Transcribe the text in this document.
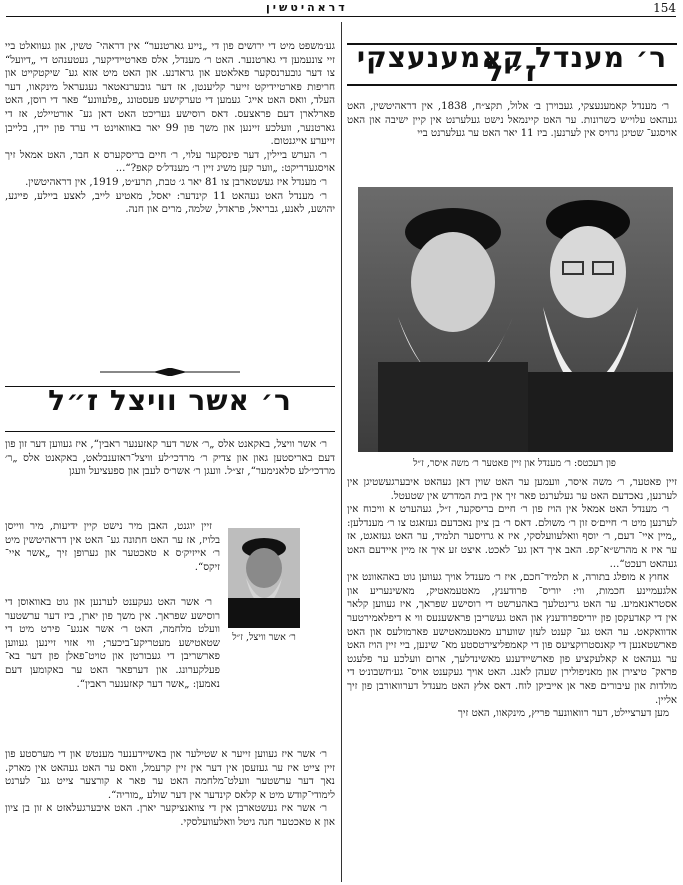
דראהיטשין	154
ר׳ מענדל קאמענעצקי ז״ל

ר׳ מענדל קאמענעצקי, געבוירן ב׳ אלול, תקצ״ח, 1838, אין דראהיטשין, האט געהאט עלוי׳ש כשרונות. ער האט קיינמאל נישט געלערנט אין קיין ישיבה און האט אויסגע־ שטיגן גרויס אין לערנען. ביז 11 יאר האט ער געלערנט ביי

פון רעכטס: ר׳ מענדל און זיין פאטער ר׳ משה איסר, ז״ל

זיין פאטער, ר׳ משה איסר, וועמען ער האט שוין דאן געהאט איבערגעשטיגן אין לערנען, נאכדעם האט ער געלערנט פאר זיך אין בית המדרש אין שטעטל.

ר׳ מענדל האט אמאל אין הויז פון ר׳ חיים בריסקער, ז״ל, געהערט א וויכוח אין לערנען מיט ר׳ חיים׳ס זון ר׳ משולם. דאס ר׳ בן ציון נאכדעם געזאגט צו ר׳ מענדלען: „מיין איי־ דעם, ר׳ יוסף וואלעוועלסקי, איז א גרויסער תלמיד, ער האט געזאגט, אז ער איז א מהרש״א־קפ. האב איך דאן גע־ לאכט. איצט זע איך אז מיין איידעם האט געהאט רעכט“...

אחוץ א מופלג בתורה, א תלמיד־חכם, איז ר׳ מענדל אויך געווען גוט באהאוונט אין אלגעמיינע חכמות, ווי: יוריס־ פרודענץ, מאטעמאטיק, מאשינעריע און אסטראנאמיע. ער האט גרינטלעך באהערשט די רוסישע שפראך, איז געווען קלאר אין די קאדעקסן פון יוריספרודענץ און האט געשריבן פראשענעס ווי א דיפלאמירטער אדוואקאט. ער האט גע־ קענט לעזן שווערע מאטעמאטישע פארמולעס און האט פארשטאנען די קאנסטרוקציעס פון די קאמפליצירטסטע מא־ שינען, ביי זיין הויז האט ער געהאט א קאלעקציע פון פארשיידענע מאשינדלעך, ארום וועלכע ער פלעגט פראק־ טיצירן און מאניפולירן שעהן לאנג. האט אויך געקענט אויס־ גע׳חשבונ׳ט די מולדות און עיבורים פאר אן אייביקן לוח. דאס אלץ האט מענדל דערוואורבן פון זיך אליין.

מען דערציילט, דער רוואוונער פריץ, מינקאוו, האט זיך

גע׳משפט מיט די ירושים פון די „נייע גארטנער“ אין דראהי־ טשין, און געוואלט ביי זיי צונעמען די גארטנער. האט ר׳ מענדל, אלס פארטיידיקער, געטענהט די „דיועל“ צו דער גובערנסקער פאלאטע און גראדנע. און האט מיט אזא גע־ שיקטקייט און חריפות פארטיידיקט זייער קליענטן, אז דער גובערנאטאר געגעראל מינקאוו, דער העלד, וואס האט אייג־ געמען די טערקישע פעסטונג „פלעוונע“ פאר די רוסן, האט פארלארן דעם פראצעס. דאס רוסישע געריכט האט דאן גע־ אורטיילט, אז די גארטנער, וועלכע זיינען און משך פון 99 יאר באוואוינט די ערד פון יידן, בלייבן זייערע אייגנטום.

ר׳ הערש ביילין, דער פינסקער עלוי, ר׳ חיים בריסקערס א חבר, האט אמאל זיך אויסגעדריקט: „ווער קען משיג זיין ר׳ מענדל׳ס קאפ?“...

ר׳ מענדל איז געשטארבן צו 81 יאר ג׳ טבת, תרע״ט, 1919, אין דראהיטשין.

ר׳ מענדל האט געהאט 11 קינדער: יאסל, מאטיע לייב, לאצע ביילע, פייגע, יהושע, לאנע, גבריאל, פראדל, שלמה, מרים און חנה.

ר׳ אשר וויצל ז״ל

ר׳ אשר וויצל, באקאנט אלס „ר׳ אשר דער קאזענער ראבין“, איז געווען דער זון פון דעם באריסטען גאון און צדיק ר׳ מרדכי׳לע וויצל־ראזענבלאט, באקאנט אלס „ר׳ מרדכי׳לע סלאנימער“, זצ״ל. וועגן ר׳ אשר׳ס לעבן און ספעציעל וועגן

ר׳ אשר וויצל, ז״ל

זיין יוגנט, האבן מיר נישט קיין ידיעות, מיר ווייסן בלויז, אז ער האט חתונה גע־ האט אין דראהיטשין מיט ר׳ אייזיק׳ס א טאכטער און גערופן זיך „אשר איי־ זיקס“.

ר׳ אשר האט געקענט לערנען און גוט באוואוסן די רוסישע שפראך. אין משך פון יארן, ביז דער ערשטער וועלט מלחמה, האט ר׳ אשר אנגע־ פירט מיט די שטאטישע מעטריקע־ביכער; ווי אזוי זיינען געווען פארשריבן די געבורטן און טויט־פאלן פון דער בא־ פעלקערונג. און דערפאר האט ער באקומען דעם נאמען: „אשר דער קאזענער ראבין“.

ר׳ אשר איז געווען זייער א שטילער און באשיידענער מענטש און די מערסטע פון זיין צייט איז ער געזעסן אין דער אין זיין קרעמל, וואס ער האט געהאט אין מארק. נאך דער ערשטער וועלט־מלחמה האט ער פאר א קורצער צייט גע־ לערנט לימודי־קודש מיט א קלאס קינדער אין דער שולע „מוריה“.

ר׳ אשר איז געשטארבן אין די צוואנציקער יארן. האט איבערגעלאזט א זון בן ציון און א טאכטער חנה גיטל וואלעוועלסקי.
